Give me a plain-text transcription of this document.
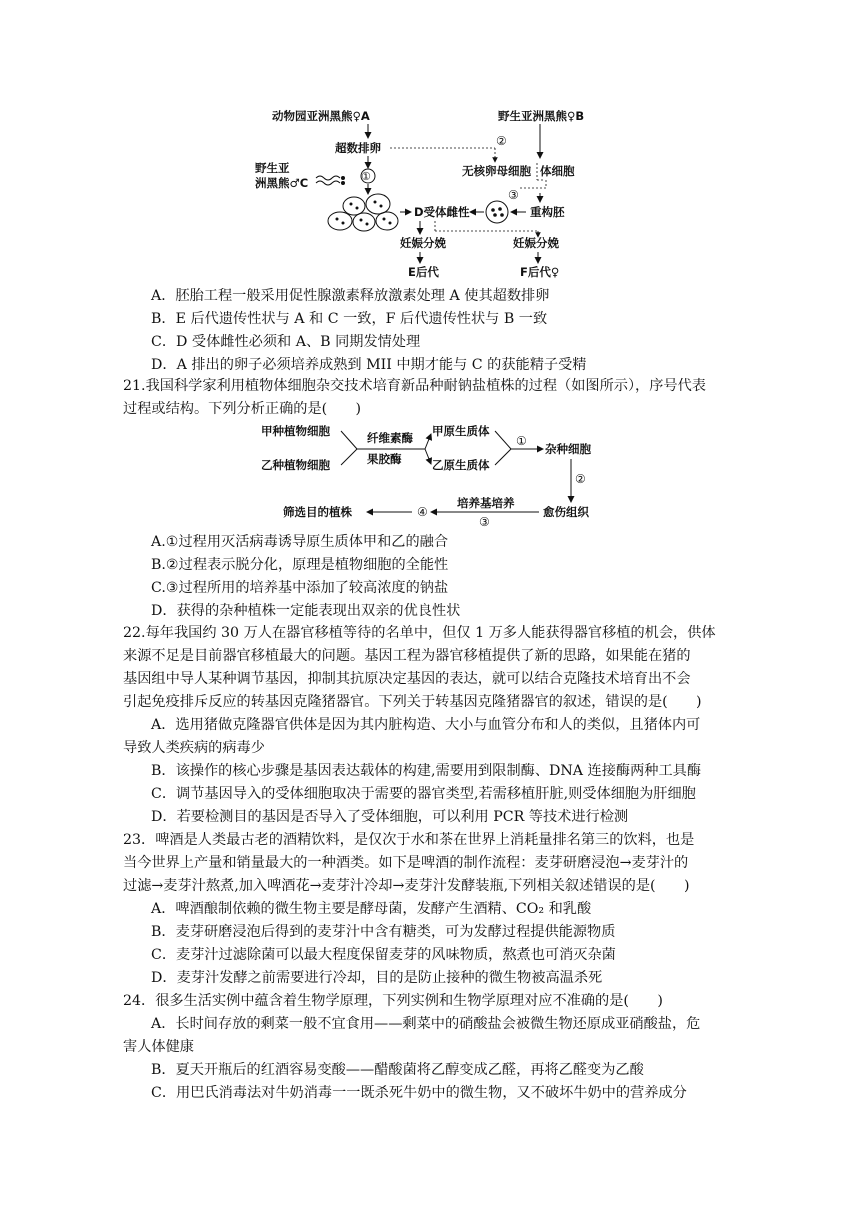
动物园亚洲黑熊♀A	野生亚洲黑熊♀B
②
超数排卵
野生亚
洲黑熊♂C	①	无核卵母细胞 体细胞
③
D受体雌性	重构胚
妊娠分娩	妊娠分娩
E后代	F后代♀
A．胚胎工程一般采用促性腺激素释放激素处理 A 使其超数排卵
B．E 后代遗传性状与 A 和 C 一致，F 后代遗传性状与 B 一致
C．D 受体雌性必须和 A、B 同期发情处理
D．A 排出的卵子必须培养成熟到 MII 中期才能与 C 的获能精子受精
21.我国科学家利用植物体细胞杂交技术培育新品种耐钠盐植株的过程（如图所示），序号代表
过程或结构。下列分析正确的是(　　)
甲种植物细胞
乙种植物细胞
纤维素酶
果胶酶
甲原生质体
乙原生质体
①
杂种细胞
②
愈伤组织
培养基培养
③
④
筛选目的植株
A.①过程用灭活病毒诱导原生质体甲和乙的融合
B.②过程表示脱分化，原理是植物细胞的全能性
C.③过程所用的培养基中添加了较高浓度的钠盐
D．获得的杂种植株一定能表现出双亲的优良性状
22.每年我国约 30 万人在器官移植等待的名单中，但仅 1 万多人能获得器官移植的机会，供体
来源不足是目前器官移植最大的问题。基因工程为器官移植提供了新的思路，如果能在猪的
基因组中导人某种调节基因，抑制其抗原决定基因的表达，就可以结合克隆技术培育出不会
引起免疫排斥反应的转基因克隆猪器官。下列关于转基因克隆猪器官的叙述，错误的是(　　)
A．选用猪做克隆器官供体是因为其内脏构造、大小与血管分布和人的类似，且猪体内可
导致人类疾病的病毒少
B．该操作的核心步骤是基因表达载体的构建,需要用到限制酶、DNA 连接酶两种工具酶
C．调节基因导入的受体细胞取决于需要的器官类型,若需移植肝脏,则受体细胞为肝细胞
D．若要检测目的基因是否导入了受体细胞，可以利用 PCR 等技术进行检测
23．啤酒是人类最古老的酒精饮料，是仅次于水和茶在世界上消耗量排名第三的饮料，也是
当今世界上产量和销量最大的一种酒类。如下是啤酒的制作流程：麦芽研磨浸泡→麦芽汁的
过滤→麦芽汁熬煮,加入啤酒花→麦芽汁冷却→麦芽汁发酵装瓶,下列相关叙述错误的是(　　)
A．啤酒酿制依赖的微生物主要是酵母菌，发酵产生酒精、CO₂ 和乳酸
B．麦芽研磨浸泡后得到的麦芽汁中含有糖类，可为发酵过程提供能源物质
C．麦芽汁过滤除菌可以最大程度保留麦芽的风味物质，熬煮也可消灭杂菌
D．麦芽汁发酵之前需要进行冷却，目的是防止接种的微生物被高温杀死
24．很多生活实例中蕴含着生物学原理，下列实例和生物学原理对应不准确的是(　　)
A．长时间存放的剩菜一般不宜食用——剩菜中的硝酸盐会被微生物还原成亚硝酸盐，危
害人体健康
B．夏天开瓶后的红酒容易变酸——醋酸菌将乙醇变成乙醛，再将乙醛变为乙酸
C．用巴氏消毒法对牛奶消毒一一既杀死牛奶中的微生物，又不破坏牛奶中的营养成分
